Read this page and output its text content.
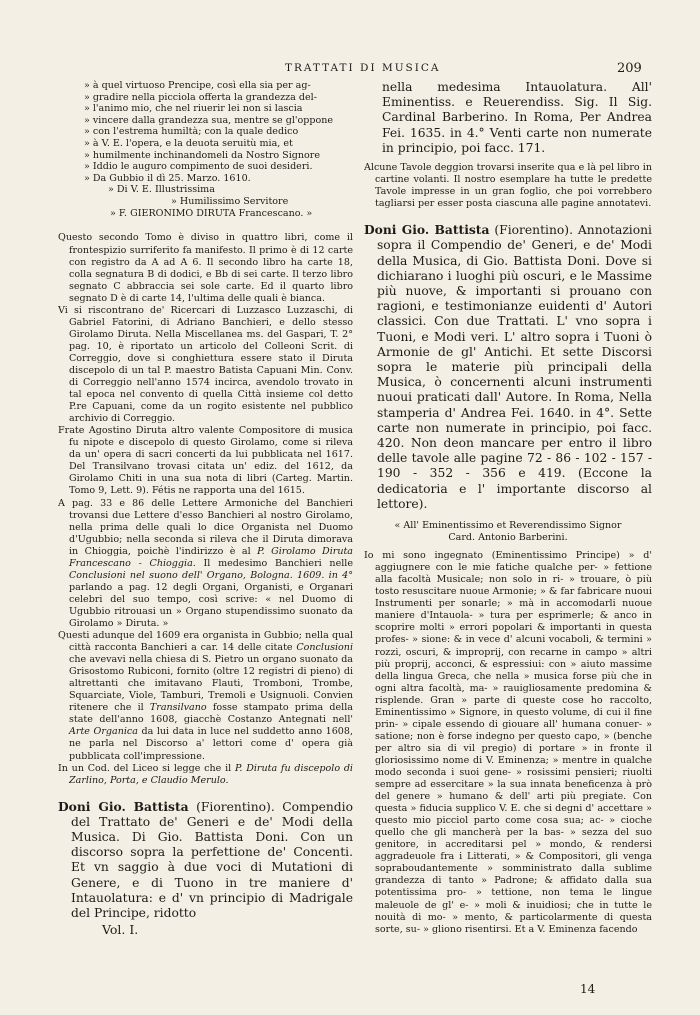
TRATTATI DI MUSICA	209

» à quel virtuoso Prencipe, così ella sia per ag-

» gradire nella picciola offerta la grandezza del-

» l'animo mio, che nel riuerir lei non si lascia

» vincere dalla grandezza sua, mentre se gl'oppone

» con l'estrema humiltà; con la quale dedico

» à V. E. l'opera, e la deuota seruitù mia, et

» humilmente inchinandomeli da Nostro Signore

» Iddio le auguro compimento de suoi desideri.

» Da Gubbio il dì 25. Marzo. 1610.

» Di V. E. Illustrissima

» Humilissimo Servitore

» F. GIERONIMO DIRUTA Francescano. »

Questo secondo Tomo è diviso in quattro libri, come il frontespizio surriferito fa manifesto. Il primo è di 12 carte con registro da A ad A 6. Il secondo libro ha carte 18, colla segnatura B di dodici, e Bb di sei carte. Il terzo libro segnato C abbraccia sei sole carte. Ed il quarto libro segnato D è di carte 14, l'ultima delle quali è bianca.

Vi si riscontrano de' Ricercari di Luzzasco Luzzaschi, di Gabriel Fatorini, di Adriano Banchieri, e dello stesso Girolamo Diruta. Nella Miscellanea ms. del Gaspari, T. 2° pag. 10, è riportato un articolo del Colleoni Scrit. di Correggio, dove si congһiettura essere stato il Diruta discepolo di un tal P. maestro Batista Capuani Min. Conv. di Correggio nell'anno 1574 incirca, avendolo trovato in tal epoca nel convento di quella Città insieme col detto P.re Capuani, come da un rogito esistente nel pubblico archivio di Correggio.

Frate Agostino Diruta altro valente Compositore di musica fu nipote e discepolo di questo Girolamo, come si rileva da un' opera di sacri concerti da lui pubblicata nel 1617. Del Transilvano trovasi citata un' ediz. del 1612, da Girolamo Chiti in una sua nota di libri (Carteg. Martin. Tomo 9, Lett. 9). Fétis ne rapporta una del 1615.

A pag. 33 e 86 delle Lettere Armoniche del Banchieri trovansi due Lettere d'esso Banchieri al nostro Girolamo, nella prima delle quali lo dice Organista nel Duomo d'Ugubbio; nella seconda si rileva che il Diruta dimorava in Chioggia, poichè l'indirizzo è al P. Girolamo Diruta Francescano - Chioggia. Il medesimo Banchieri nelle Conclusioni nel suono dell' Organo, Bologna. 1609. in 4° parlando a pag. 12 degli Organi, Organisti, e Organari celebri del suo tempo, così scrive: « nel Duomo di Ugubbio ritrouasi un » Organo stupendissimo suonato da Girolamo » Diruta. »

Questi adunque del 1609 era organista in Gubbio; nella qual città racconta Banchieri a car. 14 delle citate Conclusioni che avevavi nella chiesa di S. Pietro un organo suonato da Grisostomo Rubiconi, fornito (oltre 12 registri di pieno) di altrettanti che imitavano Flauti, Tromboni, Trombe, Squarciate, Viole, Tamburi, Tremoli e Usignuoli. Convien ritenere che il Transilvano fosse stampato prima della state dell'anno 1608, giacchè Costanzo Antegnati nell' Arte Organica da lui data in luce nel suddetto anno 1608, ne parla nel Discorso a' lettori come d' opera già pubblicata coll'impressione.

In un Cod. del Liceo si legge che il P. Diruta fu discepolo di Zarlino, Porta, e Claudio Merulo.

Doni Gio. Battista (Fiorentino). Compendio del Trattato de' Generi e de' Modi della Musica. Di Gio. Battista Doni. Con un discorso sopra la perfettione de' Concenti. Et vn saggio à due voci di Mutationi di Genere, e di Tuono in tre maniere d' Intauolatura: e d' vn principio di Madrigale del Principe, ridotto

Vol. I.

nella medesima Intauolatura. All' Eminentiss. e Reuerendiss. Sig. Il Sig. Cardinal Barberino. In Roma, Per Andrea Fei. 1635. in 4.° Venti carte non numerate in principio, poi facc. 171.

Alcune Tavole deggion trovarsi inserite qua e là pel libro in cartine volanti. Il nostro esemplare ha tutte le predette Tavole impresse in un gran foglio, che poi vorrebbero tagliarsi per esser posta ciascuna alle pagine annotatevi.

Doni Gio. Battista (Fiorentino). Annotazioni sopra il Compendio de' Generi, e de' Modi della Musica, di Gio. Battista Doni. Dove si dichiarano i luoghi più oscuri, e le Massime più nuove, & importanti si prouano con ragioni, e testimonianze euidenti d' Autori classici. Con due Trattati. L' vno sopra i Tuoni, e Modi veri. L' altro sopra i Tuoni ò Armonie de gl' Antichi. Et sette Discorsi sopra le materie più principali della Musica, ò concernenti alcuni instrumenti nuoui praticati dall' Autore. In Roma, Nella stamperia d' Andrea Fei. 1640. in 4°. Sette carte non numerate in principio, poi facc. 420. Non deon mancare per entro il libro delle tavole alle pagine 72 - 86 - 102 - 157 - 190 - 352 - 356 e 419. (Eccone la dedicatoria e l' importante discorso al lettore).

« All' Eminentissimo et Reverendissimo Signor

Card. Antonio Barberini.

Io mi sono ingegnato (Eminentissimo Principe) » d' aggiugnere con le mie fatiche qualche per- » fettione alla facoltà Musicale; non solo in ri- » trouare, ò più tosto resuscitare nuoue Armonie; » & far fabricare nuoui Instrumenti per sonarle; » mà in accomodarli nuoue maniere d'Intauola- » tura per esprimerle; & anco in scoprire molti » errori popolari & importanti in questa profes- » sione: & in vece d' alcuni vocaboli, & termini » rozzi, oscuri, & improprij, con recarne in campo » altri più proprij, acconci, & espressiui: con » aiuto massime della lingua Greca, che nella » musica forse più che in ogni altra facoltà, ma- » rauigliosamente predomina & risplende. Gran » parte di queste cose ho raccolto, Eminentissimo » Signore, in questo volume, di cui il fine prin- » cipale essendo di giouare all' humana conuer- » satione; non è forse indegno per questo capo, » (benche per altro sia di vil pregio) di portare » in fronte il gloriosissimo nome di V. Eminenza; » mentre in qualche modo seconda i suoi gene- » rosissimi pensieri; riuolti sempre ad essercitare » la sua innata beneficenza à prò del genere » humano & dell' arti più pregiate. Con questa » fiducia supplico V. E. che si degni d' accettare » questo mio picciol parto come cosa sua; ac- » cioche quello che gli mancherà per la bas- » sezza del suo genitore, in accreditarsi pel » mondo, & rendersi aggradeuole fra i Litterati, » & Compositori, gli venga sopraboudantemente » somministrato dalla sublime grandezza di tanto » Padrone; & affidato dalla sua potentissima pro- » tettione, non tema le lingue maleuole de gl' e- » moli & inuidiosi; che in tutte le nouità di mo- » mento, & particolarmente di questa sorte, su- » gliono risentirsi. Et a V. Eminenza facendo

14
